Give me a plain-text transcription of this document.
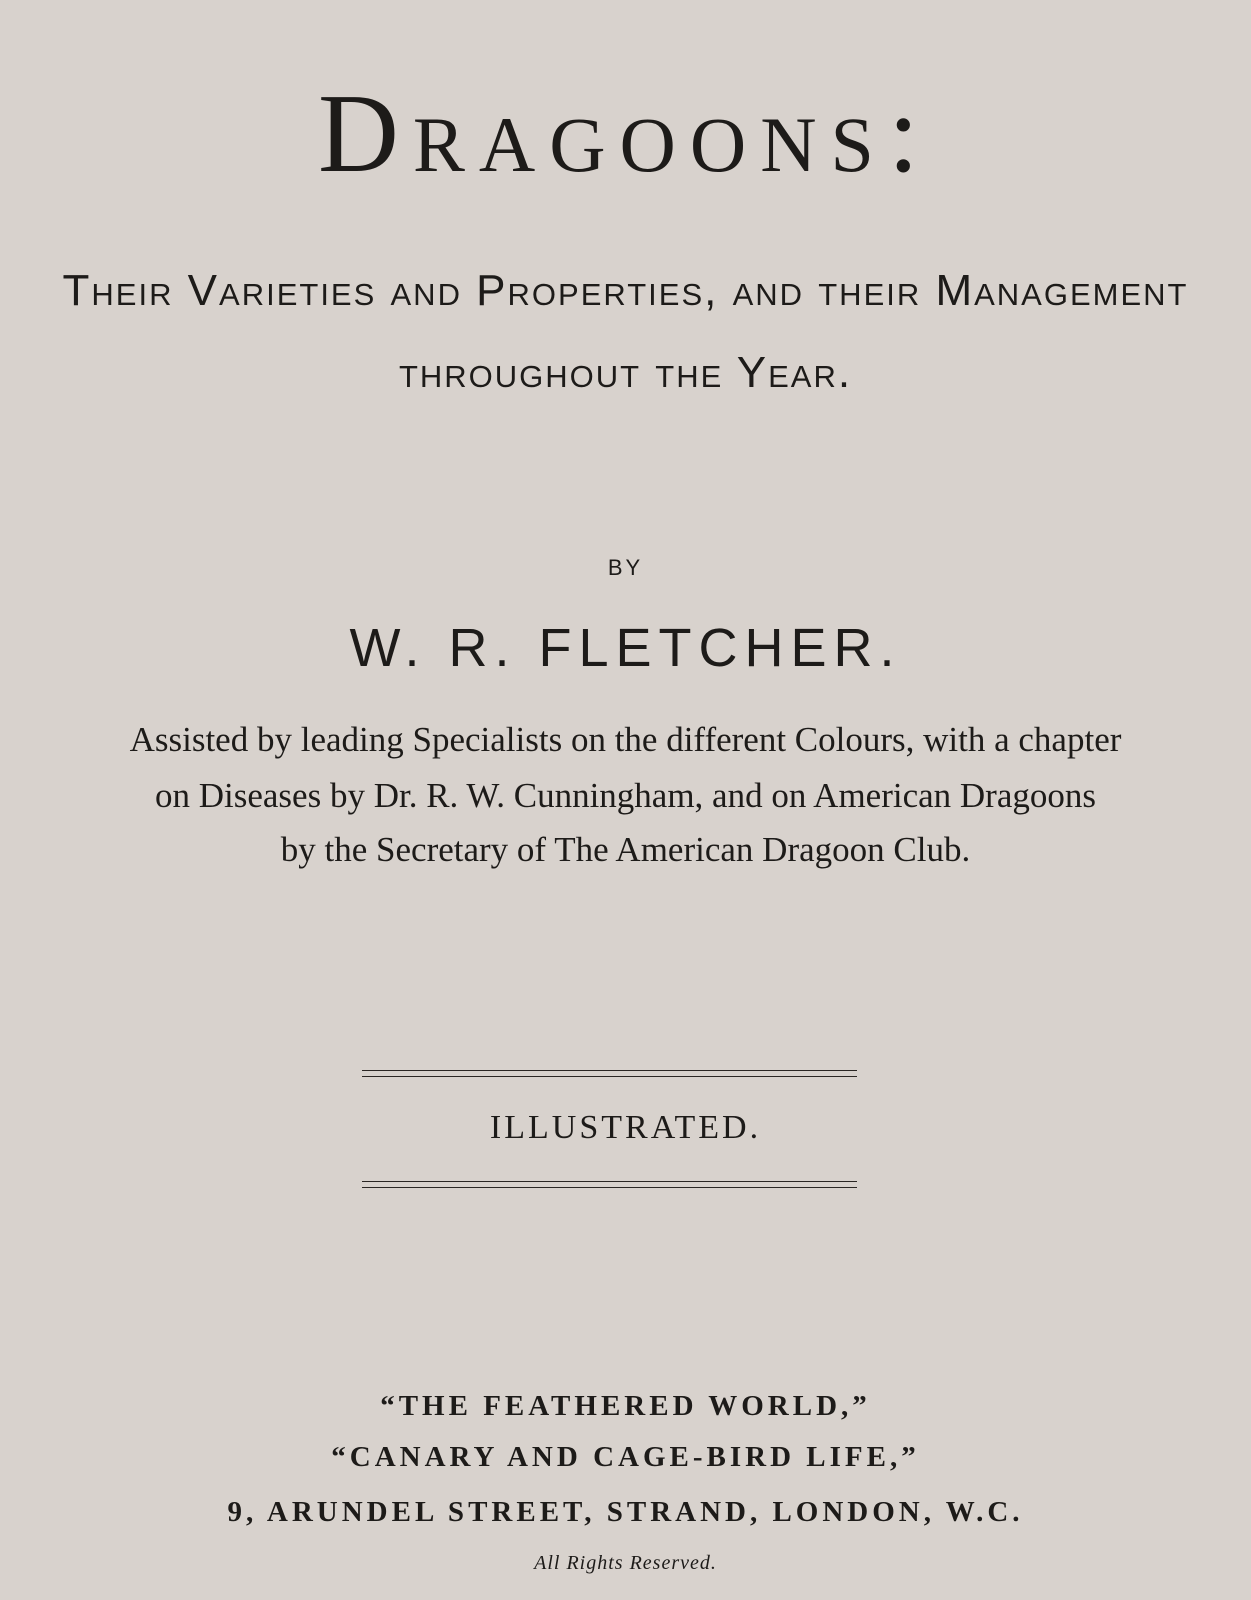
Dragoons:
Their Varieties and Properties, and their Management
throughout the Year.
BY
W. R. FLETCHER.
Assisted by leading Specialists on the different Colours, with a chapter
on Diseases by Dr. R. W. Cunningham, and on American Dragoons
by the Secretary of The American Dragoon Club.
ILLUSTRATED.
“THE FEATHERED WORLD,”
“CANARY AND CAGE-BIRD LIFE,”
9, ARUNDEL STREET, STRAND, LONDON, W.C.
All Rights Reserved.
